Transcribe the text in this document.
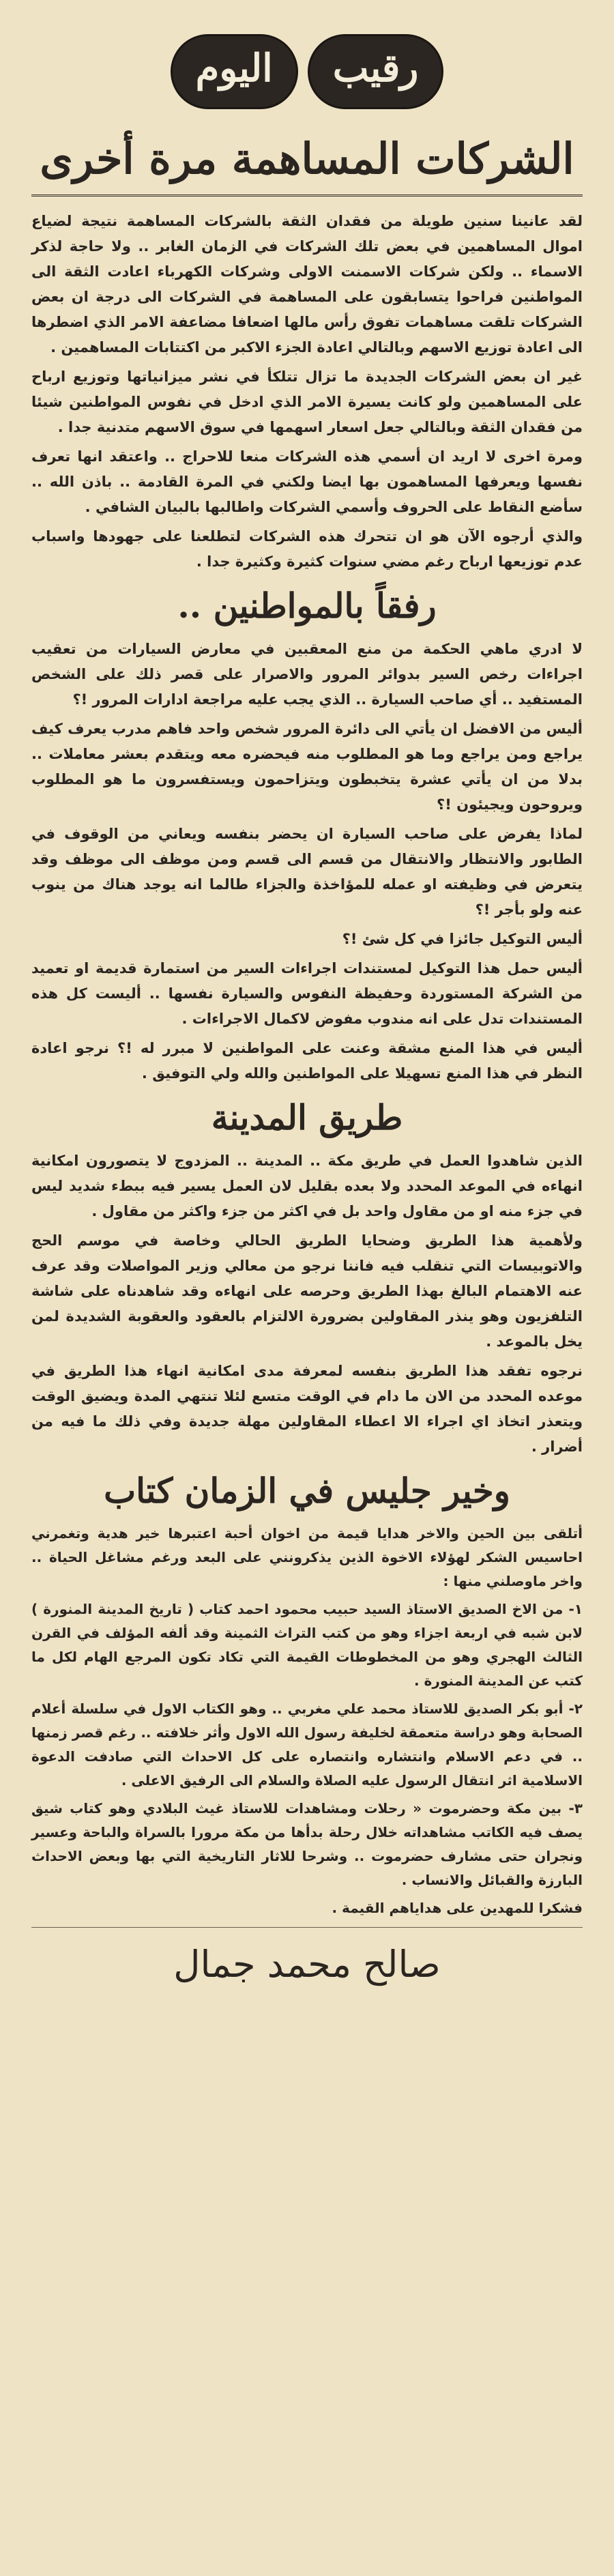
رقيب
اليوم
الشركات المساهمة مرة أخرى

لقد عانينا سنين طويلة من فقدان الثقة بالشركات المساهمة نتيجة لضياع اموال المساهمين في بعض تلك الشركات في الزمان الغابر .. ولا حاجة لذكر الاسماء .. ولكن شركات الاسمنت الاولى وشركات الكهرباء اعادت الثقة الى المواطنين فراحوا يتسابقون على المساهمة في الشركات الى درجة ان بعض الشركات تلقت مساهمات تفوق رأس مالها اضعافا مضاعفة الامر الذي اضطرها الى اعادة توزيع الاسهم وبالتالي اعادة الجزء الاكبر من اكتتابات المساهمين .

غير ان بعض الشركات الجديدة ما تزال تتلكأ في نشر ميزانياتها وتوزيع ارباح على المساهمين ولو كانت يسيرة الامر الذي ادخل في نفوس المواطنين شيئا من فقدان الثقة وبالتالي جعل اسعار اسهمها في سوق الاسهم متدنية جدا .

ومرة اخرى لا اريد ان أسمي هذه الشركات منعا للاحراج .. واعتقد انها تعرف نفسها ويعرفها المساهمون بها ايضا ولكني في المرة القادمة .. باذن الله .. سأضع النقاط على الحروف وأسمي الشركات واطالبها بالبيان الشافي .

والذي أرجوه الآن هو ان تتحرك هذه الشركات لتطلعنا على جهودها واسباب عدم توزيعها ارباح رغم مضي سنوات كثيرة وكثيرة جدا .

رفقاً بالمواطنين ..

لا ادري ماهي الحكمة من منع المعقبين في معارض السيارات من تعقيب اجراءات رخص السير بدوائر المرور والاصرار على قصر ذلك على الشخص المستفيد .. أي صاحب السيارة .. الذي يجب عليه مراجعة ادارات المرور !؟

أليس من الافضل ان يأتي الى دائرة المرور شخص واحد فاهم مدرب يعرف كيف يراجع ومن يراجع وما هو المطلوب منه فيحضره معه ويتقدم بعشر معاملات .. بدلا من ان يأتي عشرة يتخبطون ويتزاحمون ويستفسرون ما هو المطلوب ويروحون ويجيئون !؟

لماذا يفرض على صاحب السيارة ان يحضر بنفسه ويعاني من الوقوف في الطابور والانتظار والانتقال من قسم الى قسم ومن موظف الى موظف وقد يتعرض في وظيفته او عمله للمؤاخذة والجزاء طالما انه يوجد هناك من ينوب عنه ولو بأجر !؟

أليس التوكيل جائزا في كل شئ !؟

أليس حمل هذا التوكيل لمستندات اجراءات السير من استمارة قديمة او تعميد من الشركة المستوردة وحفيظة النفوس والسيارة نفسها .. أليست كل هذه المستندات تدل على انه مندوب مفوض لاكمال الاجراءات .

أليس في هذا المنع مشقة وعنت على المواطنين لا مبرر له !؟ نرجو اعادة النظر في هذا المنع تسهيلا على المواطنين والله ولي التوفيق .

طريق المدينة

الذين شاهدوا العمل في طريق مكة .. المدينة .. المزدوج لا يتصورون امكانية انهاءه في الموعد المحدد ولا بعده بقليل لان العمل يسير فيه ببطء شديد ليس في جزء منه او من مقاول واحد بل في اكثر من جزء واكثر من مقاول .

ولأهمية هذا الطريق وضحايا الطريق الحالي وخاصة في موسم الحج والاتوبيسات التي تنقلب فيه فاننا نرجو من معالي وزير المواصلات وقد عرف عنه الاهتمام البالغ بهذا الطريق وحرصه على انهاءه وقد شاهدناه على شاشة التلفزيون وهو ينذر المقاولين بضرورة الالتزام بالعقود والعقوبة الشديدة لمن يخل بالموعد .

نرجوه تفقد هذا الطريق بنفسه لمعرفة مدى امكانية انهاء هذا الطريق في موعده المحدد من الان ما دام في الوقت متسع لئلا تنتهي المدة ويضيق الوقت ويتعذر اتخاذ اي اجراء الا اعطاء المقاولين مهلة جديدة وفي ذلك ما فيه من أضرار .

وخير جليس في الزمان كتاب

أتلقى بين الحين والاخر هدايا قيمة من اخوان أحبة اعتبرها خير هدية وتغمرني احاسيس الشكر لهؤلاء الاخوة الذين يذكرونني على البعد ورغم مشاغل الحياة .. واخر ماوصلني منها :

١- من الاخ الصديق الاستاذ السيد حبيب محمود احمد كتاب ( تاريخ المدينة المنورة ) لابن شبه في اربعة اجزاء وهو من كتب التراث الثمينة وقد ألفه المؤلف في القرن الثالث الهجري وهو من المخطوطات القيمة التي تكاد تكون المرجع الهام لكل ما كتب عن المدينة المنورة .

٢- أبو بكر الصديق للاستاذ محمد علي مغربي .. وهو الكتاب الاول في سلسلة أعلام الصحابة وهو دراسة متعمقة لخليفة رسول الله الاول وأثر خلافته .. رغم قصر زمنها .. في دعم الاسلام وانتشاره وانتصاره على كل الاحداث التي صادفت الدعوة الاسلامية اثر انتقال الرسول عليه الصلاة والسلام الى الرفيق الاعلى .

٣- بين مكة وحضرموت « رحلات ومشاهدات للاستاذ غيث البلادي وهو كتاب شيق يصف فيه الكاتب مشاهداته خلال رحلة بدأها من مكة مرورا بالسراة والباحة وعسير ونجران حتى مشارف حضرموت .. وشرحا للاثار التاريخية التي بها وبعض الاحداث البارزة والقبائل والانساب .

فشكرا للمهدين على هداياهم القيمة .

صالح محمد جمال
